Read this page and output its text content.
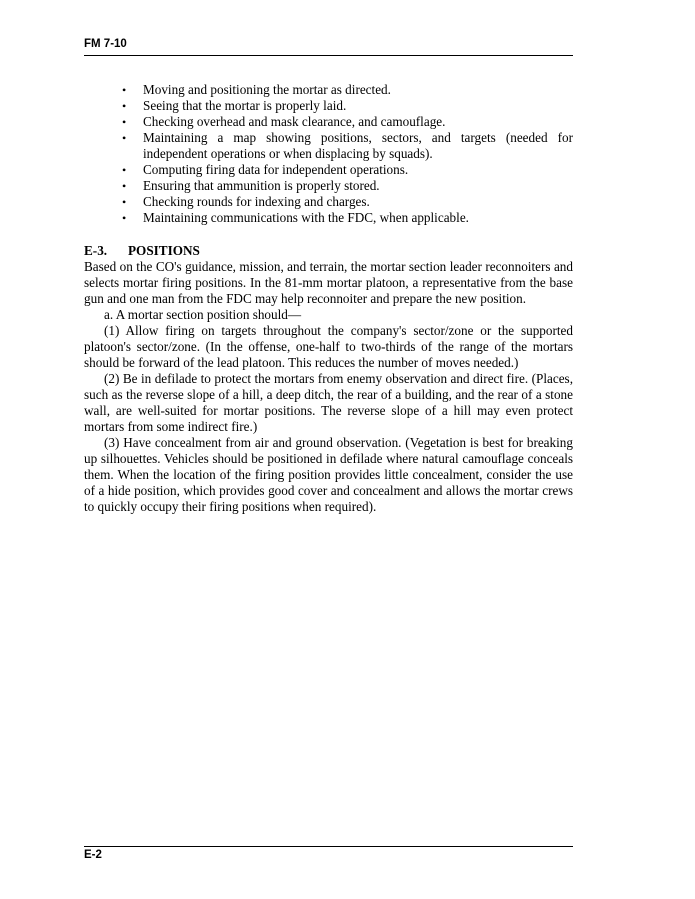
FM 7-10
• Moving and positioning the mortar as directed.
• Seeing that the mortar is properly laid.
• Checking overhead and mask clearance, and camouflage.
• Maintaining a map showing positions, sectors, and targets (needed for independent operations or when displacing by squads).
• Computing firing data for independent operations.
• Ensuring that ammunition is properly stored.
• Checking rounds for indexing and charges.
• Maintaining communications with the FDC, when applicable.
E-3. POSITIONS

Based on the CO's guidance, mission, and terrain, the mortar section leader reconnoiters and selects mortar firing positions. In the 81-mm mortar platoon, a representative from the base gun and one man from the FDC may help reconnoiter and prepare the new position.

a. A mortar section position should—

(1) Allow firing on targets throughout the company's sector/zone or the supported platoon's sector/zone. (In the offense, one-half to two-thirds of the range of the mortars should be forward of the lead platoon. This reduces the number of moves needed.)

(2) Be in defilade to protect the mortars from enemy observation and direct fire. (Places, such as the reverse slope of a hill, a deep ditch, the rear of a building, and the rear of a stone wall, are well-suited for mortar positions. The reverse slope of a hill may even protect mortars from some indirect fire.)

(3) Have concealment from air and ground observation. (Vegetation is best for breaking up silhouettes. Vehicles should be positioned in defilade where natural camouflage conceals them. When the location of the firing position provides little concealment, consider the use of a hide position, which provides good cover and concealment and allows the mortar crews to quickly occupy their firing positions when required).

E-2
